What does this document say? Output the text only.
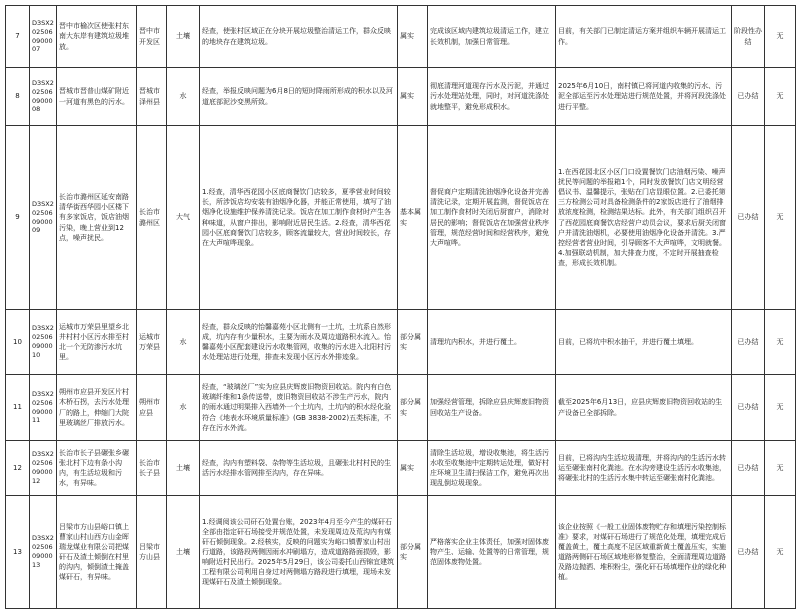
7	D3SX2025060900007	晋中市榆次区使张村东南大东岸有建筑垃圾堆放。	晋中市开发区	土壤	经查，使张村区域正在分块开展垃圾整治清运工作，群众反映的地块存在建筑垃圾。	属实	完成该区域内建筑垃圾清运工作，建立长效机制，加强日常管理。	目前，有关部门已制定清运方案并组织车辆开展清运工作。	阶段性办结	无
8	D3SX2025060900008	晋城市晋普山煤矿附近一河道有黑色的污水。	晋城市泽州县	水	经查，举报反映问题为6月8日的短时降雨所形成的积水以及河道底部泥沙变黑所致。	属实	彻底清理河道现存污水及污泥，并通过污水处理站处理，同时，对河道洗涤处就地整平，避免形成积水。	2025年6月10日，南村镇已将河道内收集的污水、污泥全部运至污水处理站进行规范处置，并将河段洗涤处进行平整。	已办结	无
9	D3SX2025060900009	长治市潞州区延安南路清华街西华园小区楼下有多家饭店，饭店油烟污染，晚上营业到12点，噪声扰民。	长治市潞州区	大气	1.经查，清华西花园小区底商餐饮门店较多，夏季营业时间较长，所涉饭店均安装有油烟净化器，并能正常使用，填写了油烟净化设施维护保养清洗记录。饭店在加工制作食材时产生各种味道，从窗户排出，影响附近居民生活。2.经查，清华西花园小区底商餐饮门店较多，顾客流量较大，营业时间较长，存在大声喧哗现象。	基本属实	督促商户定期清洗油烟净化设备并完善清洗记录，定期开展监测，督促饭店在加工制作食材时关闭后厨窗户，消除对居民的影响；督促饭店在加强营业秩序管理，规范经营时间和经营秩序，避免大声喧哗。	1.在西花园北区小区门口设置餐饮门店油烟污染、噪声扰民等问题的举报箱1个，同时发放餐饮门店文明经营倡议书、温馨提示，张贴在门店显眼位置。2.已委托第三方检测公司对具备检测条件的2家饭店进行了油烟排放浓度检测，检测结果达标。此外，有关部门组织召开了西花园底商餐饮店经营户动员会议，要求后厨关闭窗户并清洗油烟机，必要使用油烟净化设备并清洗。3.严控经营者营业时间，引导顾客不大声喧哗，文明就餐。4.加强联动机制，加大排查力度，不定时开展抽查检查，形成长效机制。	已办结	无
10	D3SX2025060900010	运城市万荣县里望乡北井村村小区污水排至村北一个无防渗污水坑里。	运城市万荣县	水	经查，群众反映的怡馨嘉苑小区北侧有一土坑，土坑系自然形成，坑内存有少量积水，主要为雨水及周边道路积水流入。怡馨嘉苑小区配套建设污水收集管网，收集的污水进入北阳村污水处理站进行处理，排查未发现小区污水外排迹象。	部分属实	清理坑内积水，并进行覆土。	目前，已将坑中积水抽干，并进行覆土填埋。	已办结	无
11	D3SX2025060900011	朔州市应县开发区片村木桥石拐，去污水处理厂的路上，伸缩门大院里玻璃丝厂排放污水。	朔州市应县	水	经查，“玻璃丝厂”实为应县庆辉废旧物资回收站。院内有白色玻璃纤维和1条传送带，废旧物资回收站不涉生产污水，院内的雨水通过明渠排入西墙外一个土坑内，土坑内的积水经化验符合《地表水环境质量标准》(GB 3838-2002)五类标准，不存在污水外流。	部分属实	加强经营管理，拆除应县庆辉废旧物资回收站生产设备。	截至2025年6月13日，应县庆辉废旧物资回收站的生产设备已全部拆除。	已办结	无
12	D3SX2025060900012	长治市长子县碾张乡碾张北村下边有条小沟内，有生活垃圾和污水，有异味。	长治市长子县	土壤	经查，沟内有塑料袋、杂物等生活垃圾，且碾张北村村民的生活污水经排水管网排至沟内，存在异味。	属实	清除生活垃圾，增设收集池，将生活污水收至收集池中定期转运处理，做好村庄环境卫生清扫保洁工作，避免再次出现乱倒垃圾现象。	目前，已将沟内生活垃圾清理，并将沟内的生活污水转运至碾张南村化粪池。在水沟旁建设生活污水收集池，将碾张北村的生活污水集中转运至碾张南村化粪池。	已办结	无
13	D3SX2025060900013	吕梁市方山县峪口镇上曹家山村山西方山金晖瑞龙煤业有限公司把煤矸石及渣土倾倒在村里的沟内，倾倒渣土掩盖煤矸石，有异味。	吕梁市方山县	土壤	1.经调阅该公司矸石处置台账，2023年4月至今产生的煤矸石全部由指定矸石场接受并规范处置，未发现周边及荒沟内有煤矸石倾倒现象。2.经核实，反映的问题实为峪口镇曹家山村出行道路，该路段两侧因雨水冲刷塌方，造成道路路面损毁，影响附近村民出行。2025年5月29日，该公司委托山西锦宜建筑工程有限公司利用自身过对两侧塌方路段进行填埋，现场未发现煤矸石及渣土倾倒现象。	部分属实	严格落实企业主体责任，加强对固体废物产生、运输、处置等的日常管理，规范固体废物处置。	该企业按照《一般工业固体废物贮存和填埋污染控制标准》要求，对煤矸石场进行了规范化处理，填埋完成后覆盖黄土，覆土高度不足区域重新黄土覆盖压实，实施道路两侧矸石场区域地形修复整治，全面清理周边道路及路边抛洒、堆积粉尘，强化矸石场填埋作业的绿化种植。	已办结	无
